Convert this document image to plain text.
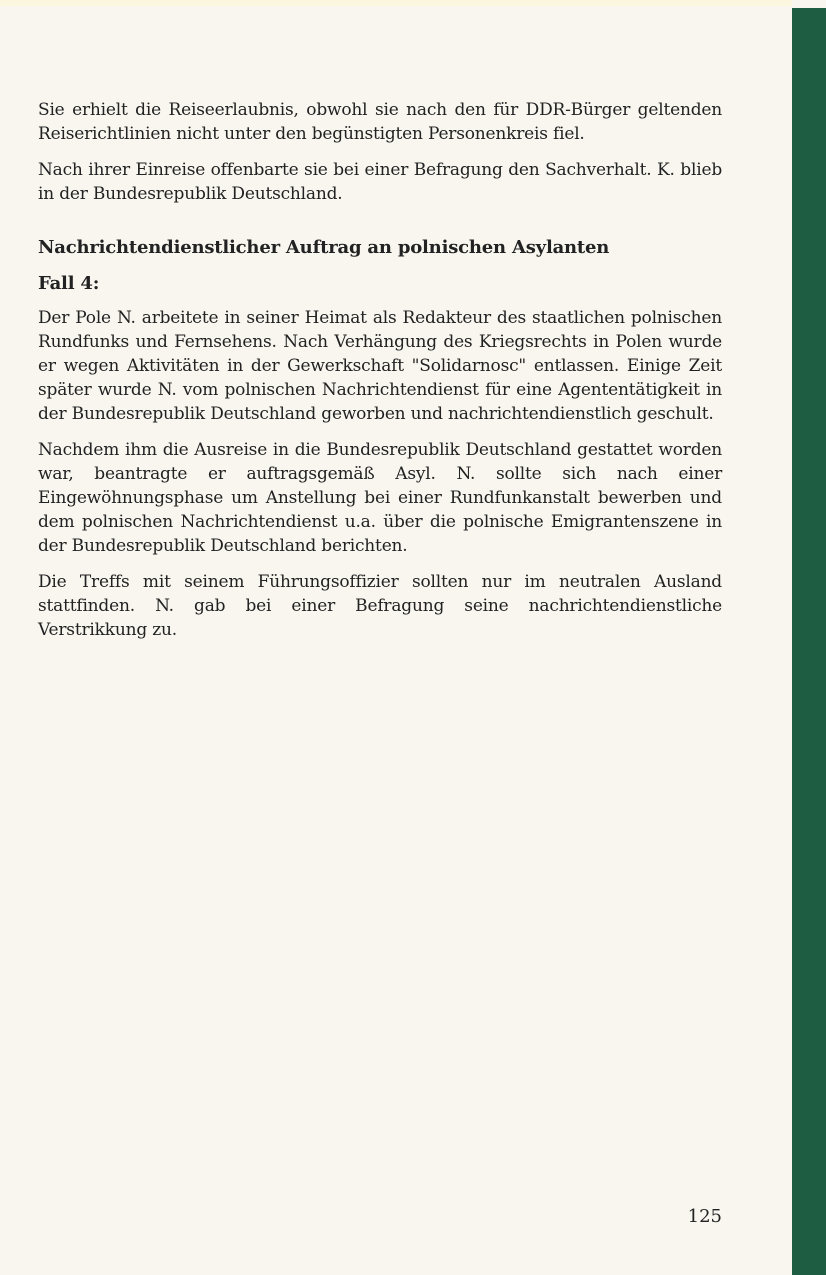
Sie erhielt die Reiseerlaubnis, obwohl sie nach den für DDR-Bürger geltenden Reiserichtlinien nicht unter den begünstigten Personenkreis fiel.

Nach ihrer Einreise offenbarte sie bei einer Befragung den Sachverhalt. K. blieb in der Bundesrepublik Deutschland.

Nachrichtendienstlicher Auftrag an polnischen Asylanten
Fall 4:

Der Pole N. arbeitete in seiner Heimat als Redakteur des staatlichen polnischen Rundfunks und Fernsehens. Nach Verhängung des Kriegsrechts in Polen wurde er wegen Aktivitäten in der Gewerkschaft "Solidarnosc" entlassen. Einige Zeit später wurde N. vom polnischen Nachrichtendienst für eine Agententätigkeit in der Bundesrepublik Deutschland geworben und nachrichtendienstlich geschult.

Nachdem ihm die Ausreise in die Bundesrepublik Deutschland gestattet worden war, beantragte er auftragsgemäß Asyl. N. sollte sich nach einer Eingewöhnungsphase um Anstellung bei einer Rundfunkanstalt bewerben und dem polnischen Nachrichtendienst u.a. über die polnische Emigrantenszene in der Bundesrepublik Deutschland berichten.

Die Treffs mit seinem Führungsoffizier sollten nur im neutralen Ausland stattfinden. N. gab bei einer Befragung seine nachrichtendienstliche Verstrikkung zu.

125
